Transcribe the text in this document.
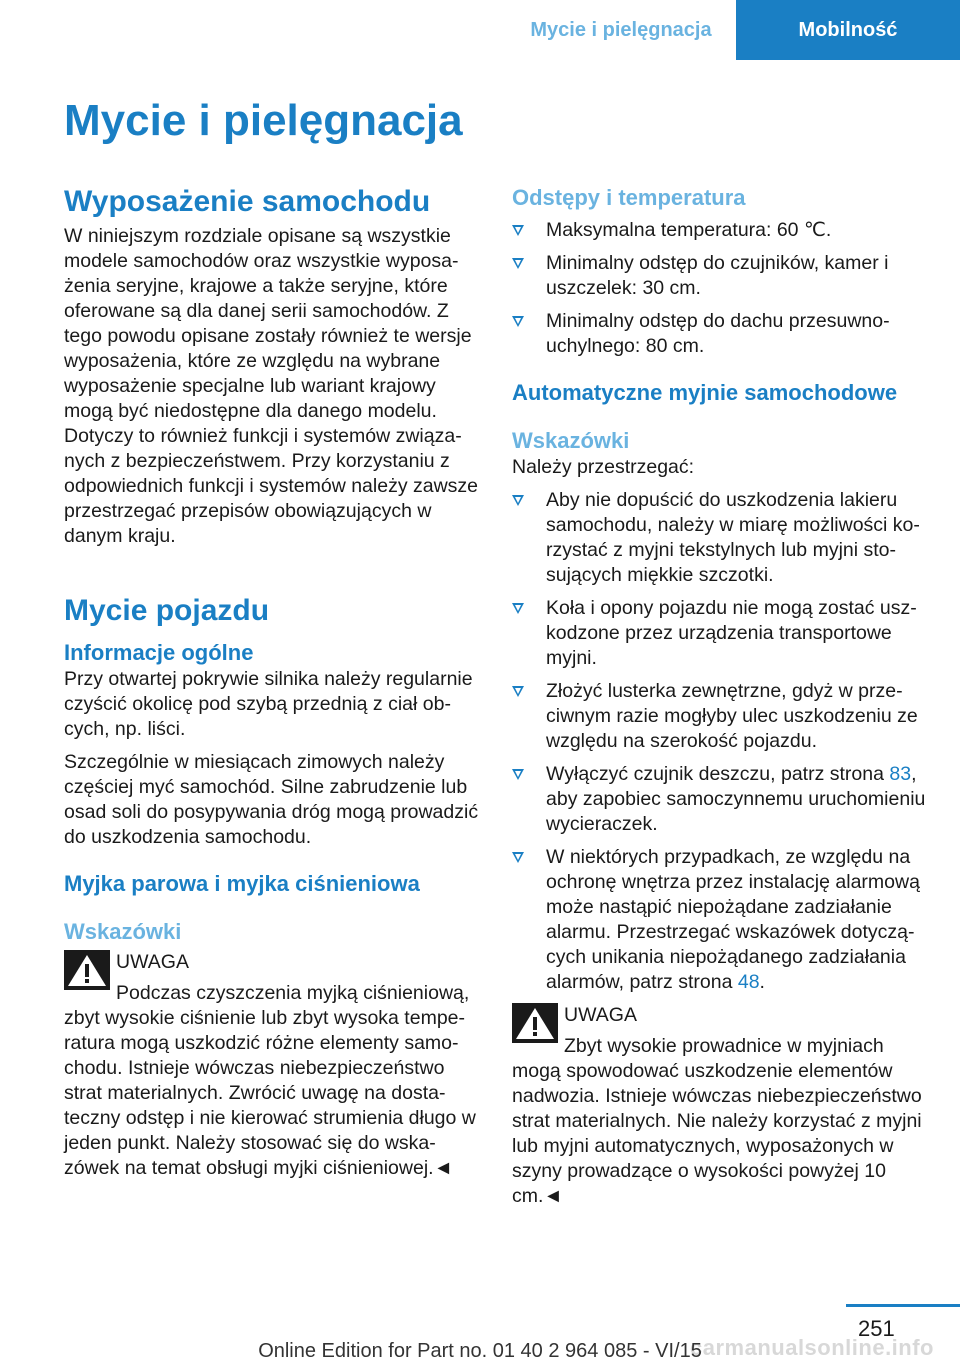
Mycie i pielęgnacja	Mobilność
Mycie i pielęgnacja
Wyposażenie samochodu

W niniejszym rozdziale opisane są wszystkie modele samochodów oraz wszystkie wyposażenia seryjne, krajowe a także seryjne, które oferowane są dla danej serii samochodów. Z tego powodu opisane zostały również te wersje wyposażenia, które ze względu na wybrane wyposażenie specjalne lub wariant krajowy mogą być niedostępne dla danego modelu. Dotyczy to również funkcji i systemów związanych z bezpieczeństwem. Przy korzystaniu z odpowiednich funkcji i systemów należy zawsze przestrzegać przepisów obowiązujących w danym kraju.

Mycie pojazdu
Informacje ogólne

Przy otwartej pokrywie silnika należy regularnie czyścić okolicę pod szybą przednią z ciał obcych, np. liści.

Szczególnie w miesiącach zimowych należy częściej myć samochód. Silne zabrudzenie lub osad soli do posypywania dróg mogą prowadzić do uszkodzenia samochodu.

Myjka parowa i myjka ciśnieniowa
Wskazówki

UWAGA

Podczas czyszczenia myjką ciśnieniową,

zbyt wysokie ciśnienie lub zbyt wysoka temperatura mogą uszkodzić różne elementy samochodu. Istnieje wówczas niebezpieczeństwo strat materialnych. Zwrócić uwagę na dostateczny odstęp i nie kierować strumienia długo w jeden punkt. Należy stosować się do wskazówek na temat obsługi myjki ciśnieniowej.◄

Odstępy i temperatura
Maksymalna temperatura: 60 ℃.
Minimalny odstęp do czujników, kamer i uszczelek: 30 cm.
Minimalny odstęp do dachu przesuwnouchylnego: 80 cm.
Automatyczne myjnie samochodowe
Wskazówki

Należy przestrzegać:

Aby nie dopuścić do uszkodzenia lakieru samochodu, należy w miarę możliwości korzystać z myjni tekstylnych lub myjni stosujących miękkie szczotki.
Koła i opony pojazdu nie mogą zostać uszkodzone przez urządzenia transportowe myjni.
Złożyć lusterka zewnętrzne, gdyż w przeciwnym razie mogłyby ulec uszkodzeniu ze względu na szerokość pojazdu.
Wyłączyć czujnik deszczu, patrz strona 83, aby zapobiec samoczynnemu uruchomieniu wycieraczek.
W niektórych przypadkach, ze względu na ochronę wnętrza przez instalację alarmową może nastąpić niepożądane zadziałanie alarmu. Przestrzegać wskazówek dotyczących unikania niepożądanego zadziałania alarmów, patrz strona 48.

UWAGA

Zbyt wysokie prowadnice w myjniach

mogą spowodować uszkodzenie elementów nadwozia. Istnieje wówczas niebezpieczeństwo strat materialnych. Nie należy korzystać z myjni lub myjni automatycznych, wyposażonych w szyny prowadzące o wysokości powyżej 10 cm.◄

251
carmanualsonline.info
Online Edition for Part no. 01 40 2 964 085 - VI/15
